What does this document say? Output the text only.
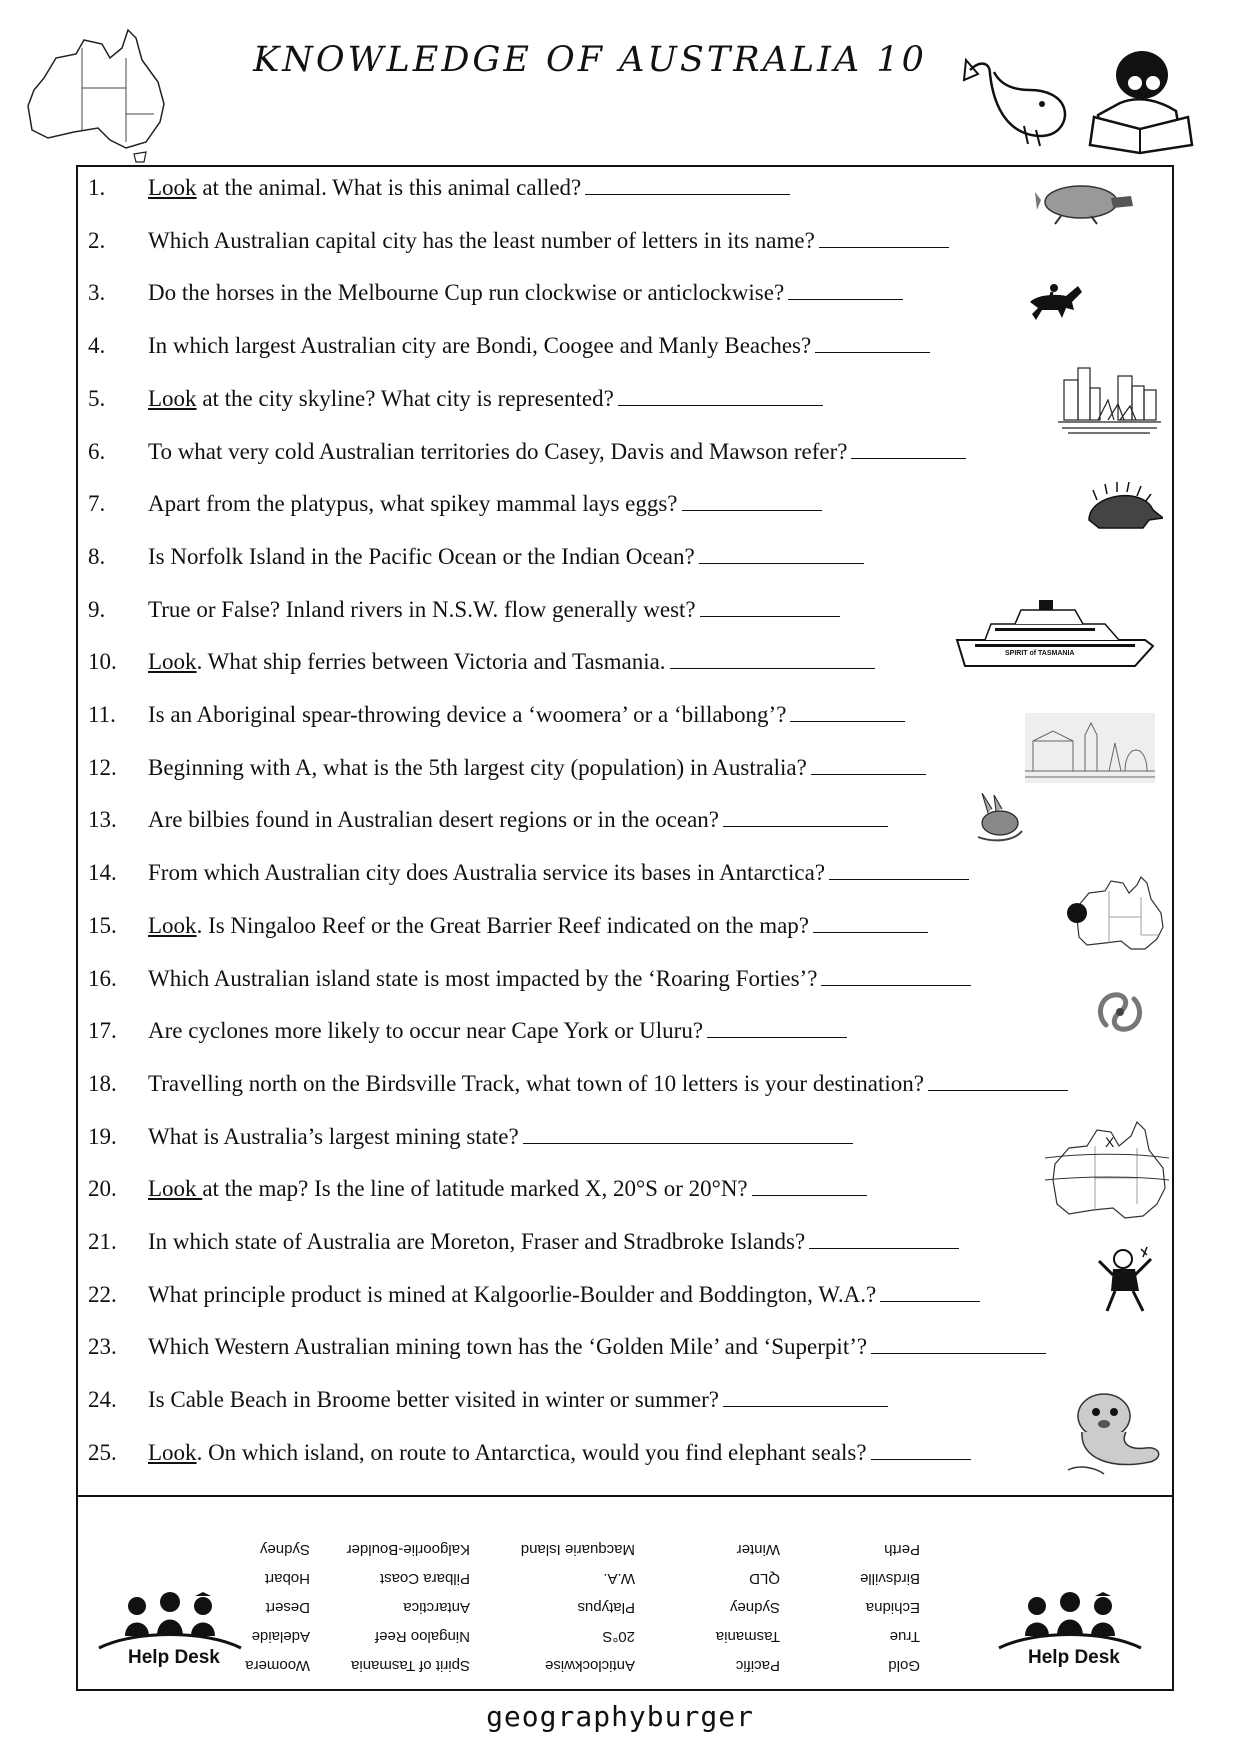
KNOWLEDGE OF AUSTRALIA 10
1. Look at the animal. What is this animal called?
2. Which Australian capital city has the least number of letters in its name?
3. Do the horses in the Melbourne Cup run clockwise or anticlockwise?
4. In which largest Australian city are Bondi, Coogee and Manly Beaches?
5. Look at the city skyline? What city is represented?
6. To what very cold Australian territories do Casey, Davis and Mawson refer?
7. Apart from the platypus, what spikey mammal lays eggs?
8. Is Norfolk Island in the Pacific Ocean or the Indian Ocean?
9. True or False? Inland rivers in N.S.W. flow generally west?
10. Look. What ship ferries between Victoria and Tasmania.
11. Is an Aboriginal spear-throwing device a ‘woomera’ or a ‘billabong’?
12. Beginning with A, what is the 5th largest city (population) in Australia?
13. Are bilbies found in Australian desert regions or in the ocean?
14. From which Australian city does Australia service its bases in Antarctica?
15. Look. Is Ningaloo Reef or the Great Barrier Reef indicated on the map?
16. Which Australian island state is most impacted by the ‘Roaring Forties’?
17. Are cyclones more likely to occur near Cape York or Uluru?
18. Travelling north on the Birdsville Track, what town of 10 letters is your destination?
19. What is Australia’s largest mining state?
20. Look at the map? Is the line of latitude marked X, 20°S or 20°N?
21. In which state of Australia are Moreton, Fraser and Stradbroke Islands?
22. What principle product is mined at Kalgoorlie-Boulder and Boddington, W.A.?
23. Which Western Australian mining town has the ‘Golden Mile’ and ‘Superpit’?
24. Is Cable Beach in Broome better visited in winter or summer?
25. Look. On which island, on route to Antarctica, would you find elephant seals?
SPIRIT of TASMANIA
X
Help Desk	Help Desk
Gold
True
Echidna
Birdsville
Perth
Pacific
Tasmania
Sydney
QLD
Winter
Anticlockwise
20°S
Platypus
W.A.
Macquarie Island
Spirit of Tasmania
Ningaloo Reef
Antarctica
Pilbara Coast
Kalgoorlie-Boulder
Woomera
Adelaide
Desert
Hobart
Sydney
geographyburger
